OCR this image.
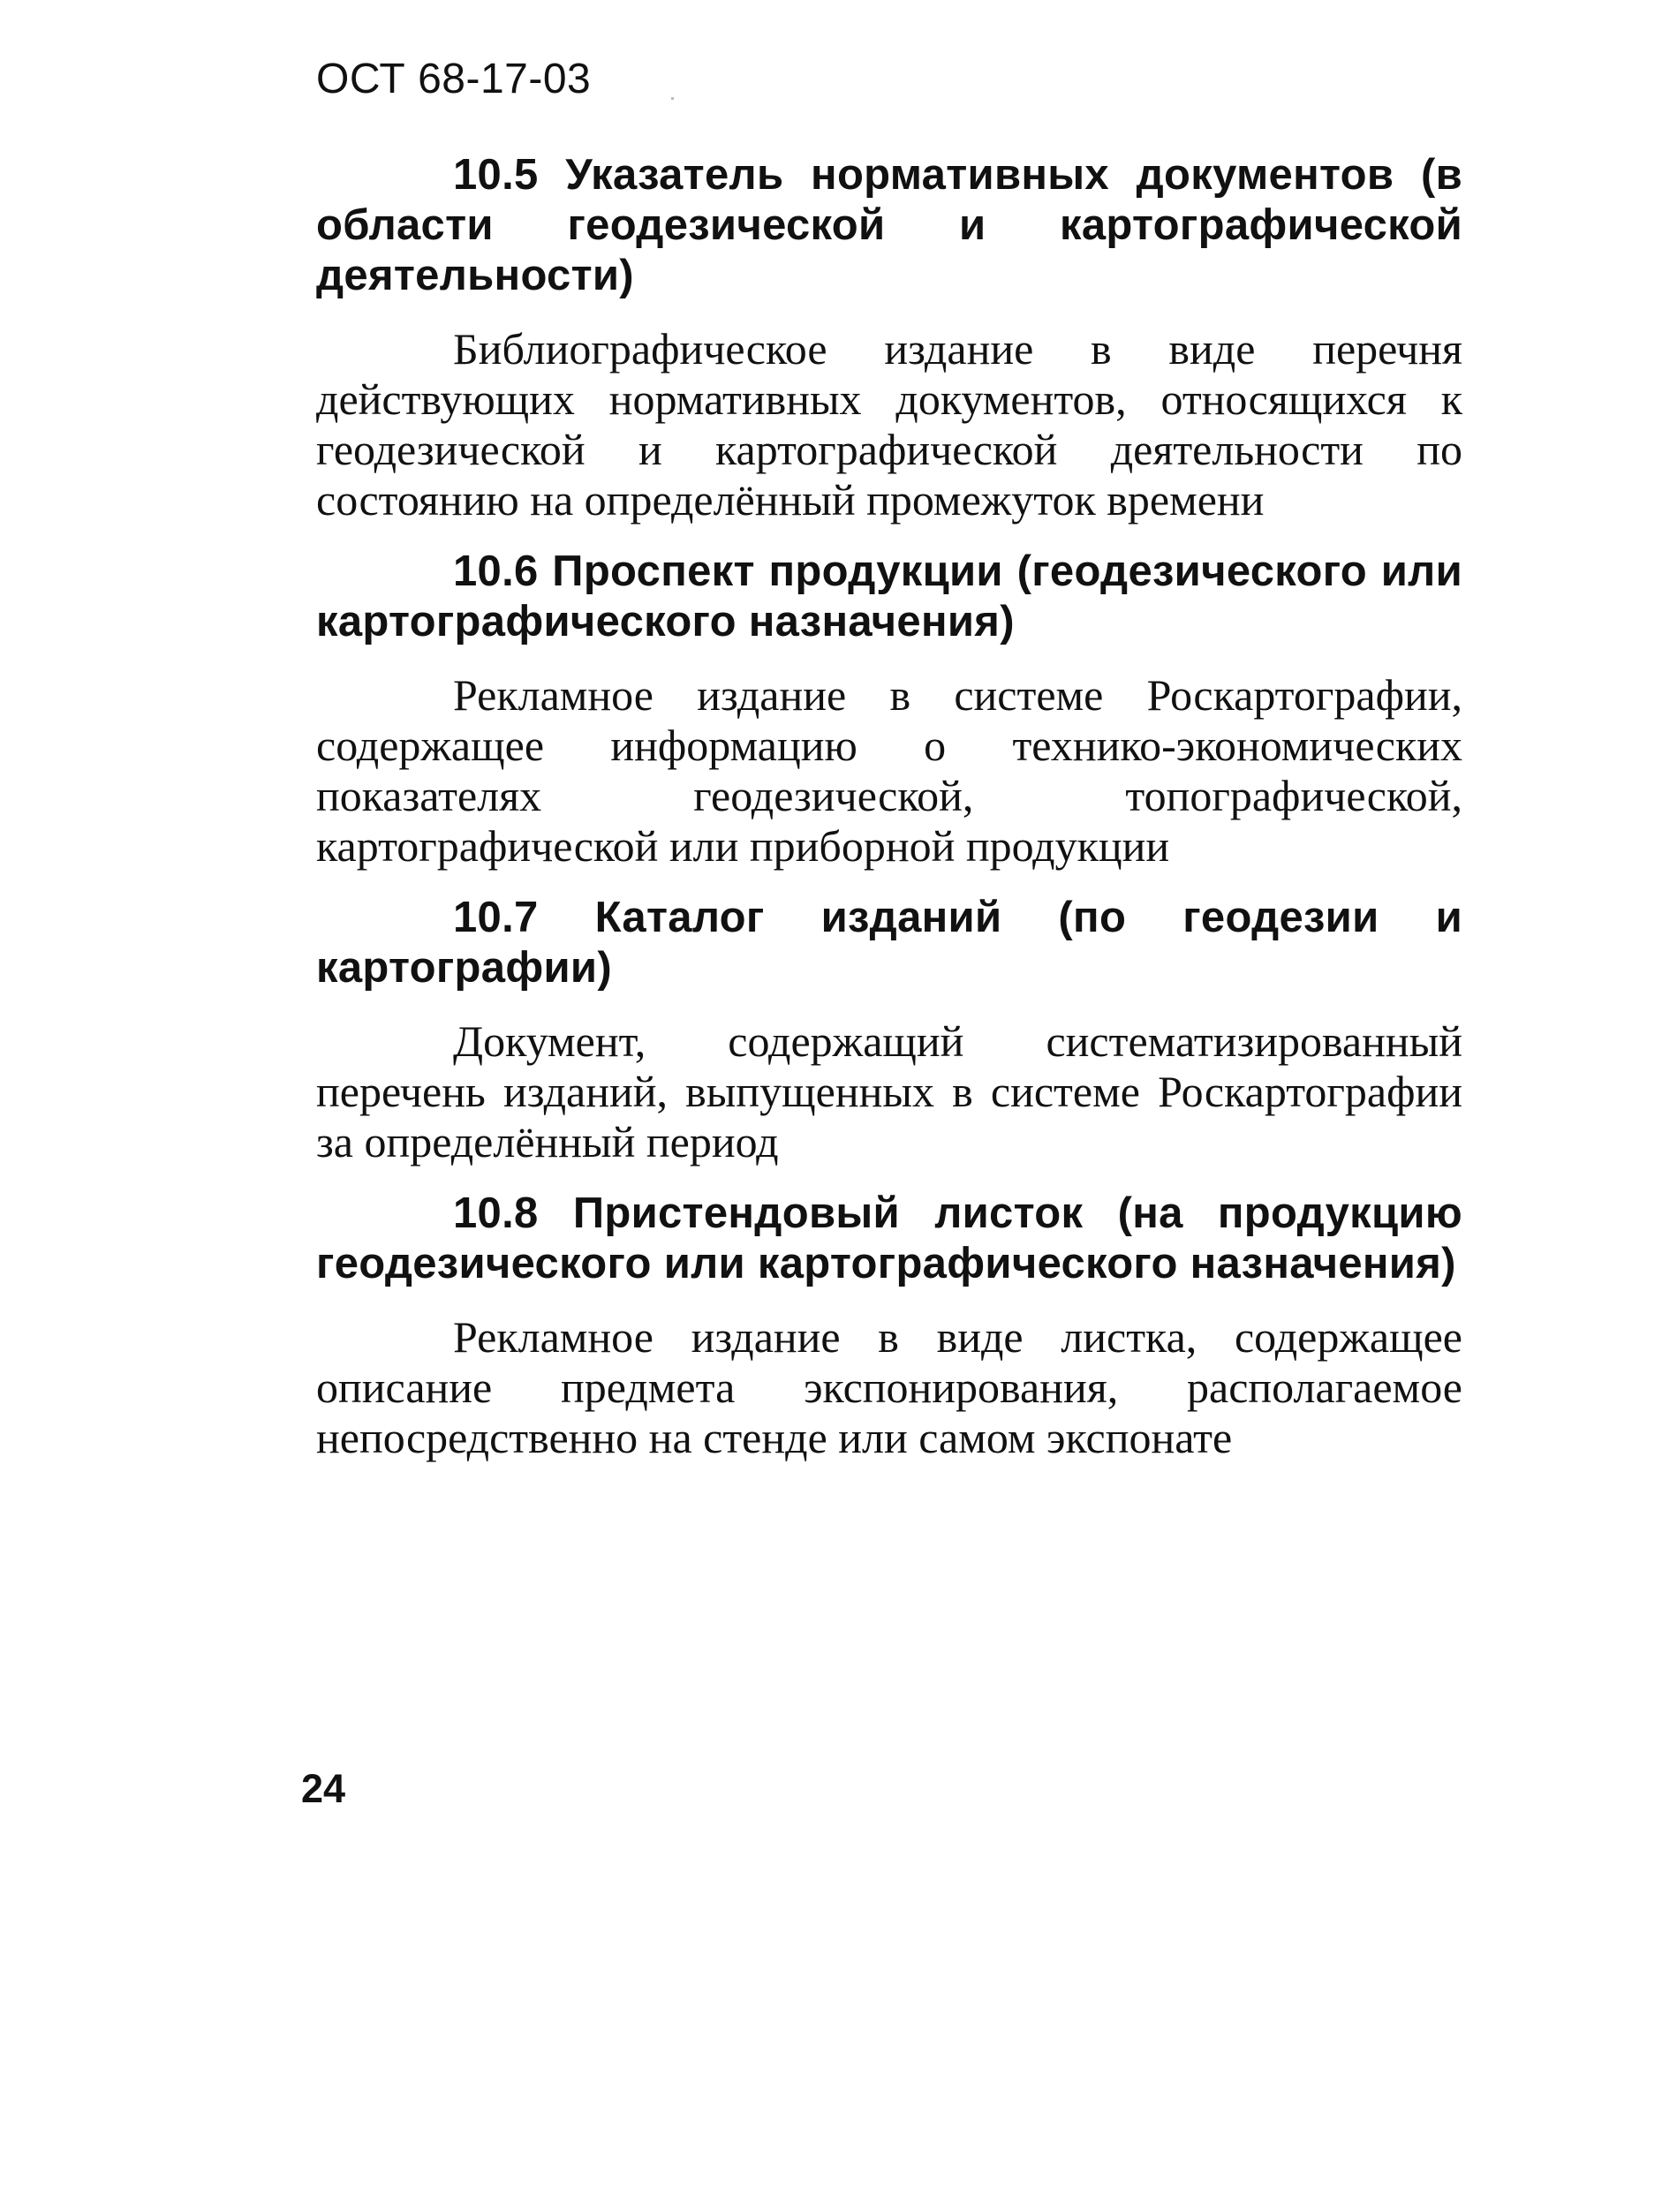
ОСТ 68-17-03

10.5 Указатель нормативных документов (в области геодезической и картографической деятельности)

Библиографическое издание в виде перечня действующих нормативных документов, относящихся к геодезической и картографической деятельности по состоянию на определённый промежуток времени

10.6 Проспект продукции (геодезического или картографического назначения)

Рекламное издание в системе Роскартографии, содержащее информацию о технико-экономических показателях геодезической, топографической, картографической или приборной продукции

10.7 Каталог изданий (по геодезии и картографии)

Документ, содержащий систематизированный перечень изданий, выпущенных в системе Роскартографии за определённый период

10.8 Пристендовый листок (на продукцию геодезического или картографического назначения)

Рекламное издание в виде листка, содержащее описание предмета экспонирования, располагаемое непосредственно на стенде или самом экспонате

24
